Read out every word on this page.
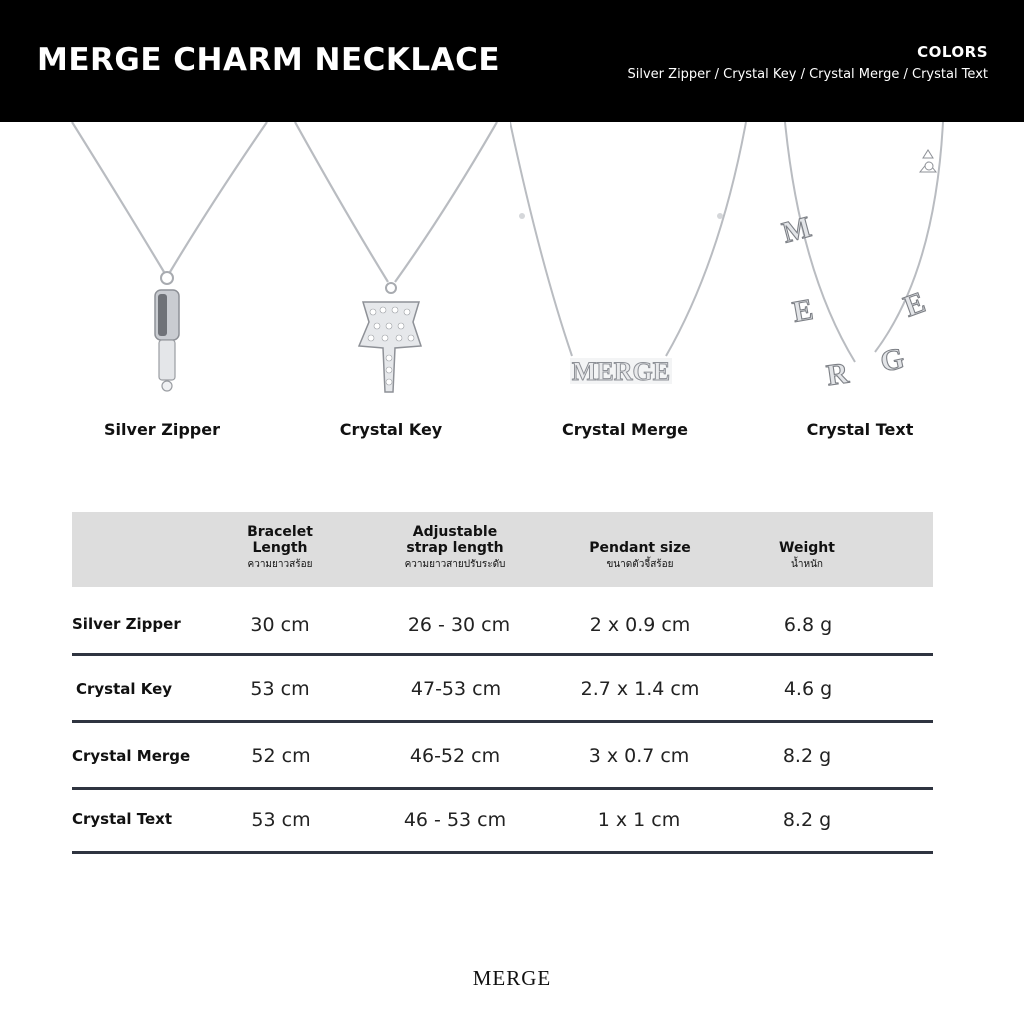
MERGE CHARM NECKLACE	COLORS
Silver Zipper / Crystal Key / Crystal Merge / Crystal Text
MERGE
M
E
R G
E
Silver Zipper	Crystal Key	Crystal Merge	Crystal Text
Bracelet
Length
ความยาวสร้อย
Adjustable
strap length
ความยาวสายปรับระดับ
Pendant size
ขนาดตัวจี้สร้อย
Weight
น้ำหนัก
Silver Zipper	30 cm	26 - 30 cm	2 x 0.9 cm	6.8 g
Crystal Key	53 cm	47-53 cm	2.7 x 1.4 cm	4.6 g
Crystal Merge	52 cm	46-52 cm	3 x 0.7 cm	8.2 g
Crystal Text	53 cm	46 - 53 cm	1 x 1 cm	8.2 g
MERGE
